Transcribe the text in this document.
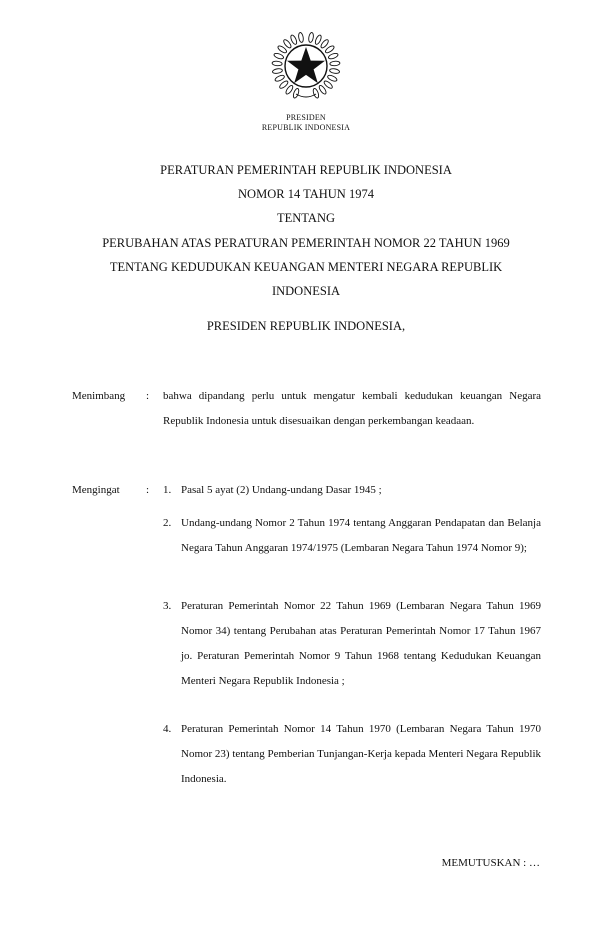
PRESIDEN
REPUBLIK INDONESIA
PERATURAN PEMERINTAH REPUBLIK INDONESIA
NOMOR 14 TAHUN 1974
TENTANG
PERUBAHAN ATAS PERATURAN PEMERINTAH NOMOR 22 TAHUN 1969
TENTANG KEDUDUKAN KEUANGAN MENTERI NEGARA REPUBLIK
INDONESIA
PRESIDEN REPUBLIK INDONESIA,
Menimbang : bahwa dipandang perlu untuk mengatur kembali kedudukan keuangan Negara Republik Indonesia untuk disesuaikan dengan perkembangan keadaan.
Mengingat : 1. Pasal 5 ayat (2) Undang-undang Dasar 1945 ;
2. Undang-undang Nomor 2 Tahun 1974 tentang Anggaran Pendapatan dan Belanja Negara Tahun Anggaran 1974/1975 (Lembaran Negara Tahun 1974 Nomor 9);
3. Peraturan Pemerintah Nomor 22 Tahun 1969 (Lembaran Negara Tahun 1969 Nomor 34) tentang Perubahan atas Peraturan Pemerintah Nomor 17 Tahun 1967 jo. Peraturan Pemerintah Nomor 9 Tahun 1968 tentang Kedudukan Keuangan Menteri Negara Republik Indonesia ;
4. Peraturan Pemerintah Nomor 14 Tahun 1970 (Lembaran Negara Tahun 1970 Nomor 23) tentang Pemberian Tunjangan-Kerja kepada Menteri Negara Republik Indonesia.
MEMUTUSKAN : …
